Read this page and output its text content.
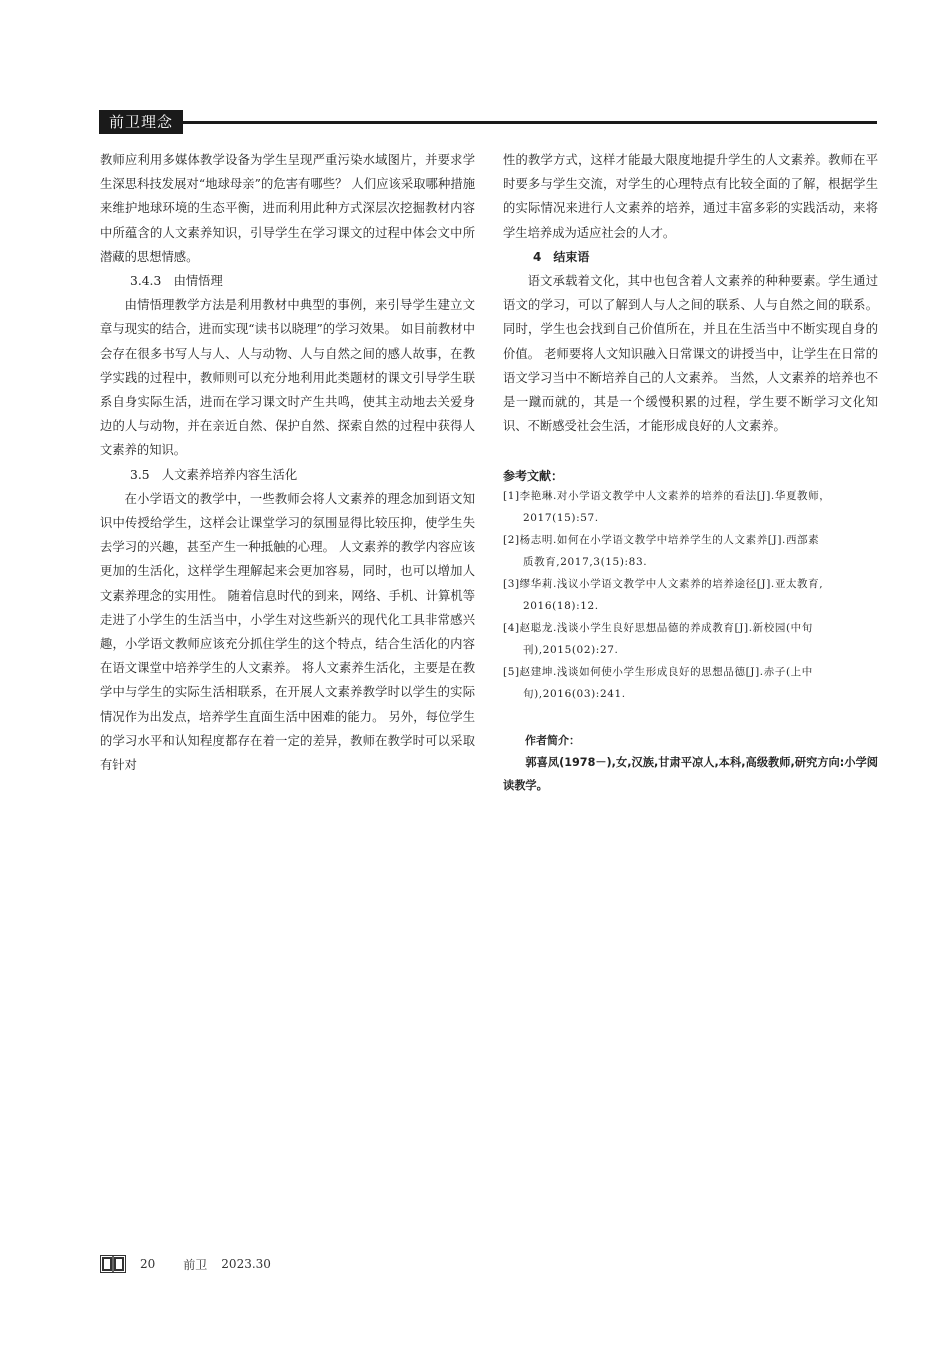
前卫理念

教师应利用多媒体教学设备为学生呈现严重污染水域图片，并要求学生深思科技发展对“地球母亲”的危害有哪些？ 人们应该采取哪种措施来维护地球环境的生态平衡，进而利用此种方式深层次挖掘教材内容中所蕴含的人文素养知识，引导学生在学习课文的过程中体会文中所潜藏的思想情感。

3.4.3　由情悟理

由情悟理教学方法是利用教材中典型的事例，来引导学生建立文章与现实的结合，进而实现“读书以晓理”的学习效果。 如目前教材中会存在很多书写人与人、人与动物、人与自然之间的感人故事，在教学实践的过程中，教师则可以充分地利用此类题材的课文引导学生联系自身实际生活，进而在学习课文时产生共鸣，使其主动地去关爱身边的人与动物，并在亲近自然、保护自然、探索自然的过程中获得人文素养的知识。

3.5　人文素养培养内容生活化

在小学语文的教学中，一些教师会将人文素养的理念加到语文知识中传授给学生，这样会让课堂学习的氛围显得比较压抑，使学生失去学习的兴趣，甚至产生一种抵触的心理。 人文素养的教学内容应该更加的生活化，这样学生理解起来会更加容易，同时，也可以增加人文素养理念的实用性。 随着信息时代的到来，网络、手机、计算机等走进了小学生的生活当中，小学生对这些新兴的现代化工具非常感兴趣，小学语文教师应该充分抓住学生的这个特点，结合生活化的内容在语文课堂中培养学生的人文素养。 将人文素养生活化，主要是在教学中与学生的实际生活相联系，在开展人文素养教学时以学生的实际情况作为出发点，培养学生直面生活中困难的能力。 另外，每位学生的学习水平和认知程度都存在着一定的差异，教师在教学时可以采取有针对

性的教学方式，这样才能最大限度地提升学生的人文素养。教师在平时要多与学生交流，对学生的心理特点有比较全面的了解，根据学生的实际情况来进行人文素养的培养，通过丰富多彩的实践活动，来将学生培养成为适应社会的人才。

4　结束语

语文承载着文化，其中也包含着人文素养的种种要素。学生通过语文的学习，可以了解到人与人之间的联系、人与自然之间的联系。 同时，学生也会找到自己价值所在，并且在生活当中不断实现自身的价值。 老师要将人文知识融入日常课文的讲授当中，让学生在日常的语文学习当中不断培养自己的人文素养。 当然，人文素养的培养也不是一蹴而就的，其是一个缓慢积累的过程，学生要不断学习文化知识、不断感受社会生活，才能形成良好的人文素养。

参考文献：

[1]李艳琳.对小学语文教学中人文素养的培养的看法[J].华夏教师，
2017(15):57.

[2]杨志明.如何在小学语文教学中培养学生的人文素养[J].西部素
质教育,2017,3(15):83.

[3]缪华莉.浅议小学语文教学中人文素养的培养途径[J].亚太教育,
2016(18):12.

[4]赵聪龙.浅谈小学生良好思想品德的养成教育[J].新校园(中旬
刊),2015(02):27.

[5]赵建坤.浅谈如何使小学生形成良好的思想品德[J].赤子(上中
旬),2016(03):241.

作者简介：

郭喜凤(1978－),女,汉族,甘肃平凉人,本科,高级教师,研究方向:小学阅读教学。

20 前卫 2023.30
